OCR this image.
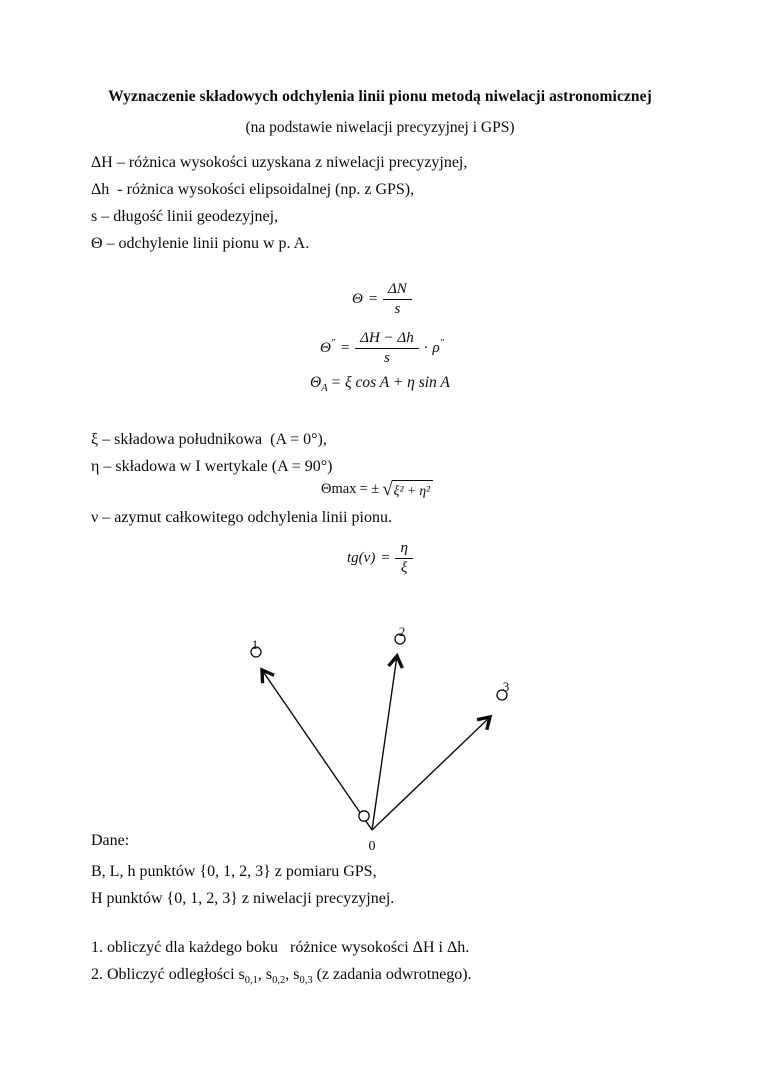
Wyznaczenie składowych odchylenia linii pionu metodą niwelacji astronomicznej
(na podstawie niwelacji precyzyjnej i GPS)
ΔH – różnica wysokości uzyskana z niwelacji precyzyjnej,
Δh  - różnica wysokości elipsoidalnej (np. z GPS),
s – długość linii geodezyjnej,
Θ – odchylenie linii pionu w p. A.
$\Theta = \frac{\Delta N}{s}$
$\Theta'' = \frac{\Delta H - \Delta h}{s} \cdot \rho''$
$\Theta_A = \xi$ cos A + η sin A
ξ – składowa południkowa  (A = 0°),
η – składowa w I wertykale (A = 90°)
Θmax = ± √ ξ² + η²
ν – azymut całkowitego odchylenia linii pionu.
$tg(\nu) = \frac{\eta}{\xi}$
1
2
3
0
Dane:
B, L, h punktów {0, 1, 2, 3} z pomiaru GPS,
H punktów {0, 1, 2, 3} z niwelacji precyzyjnej.
1. obliczyć dla każdego boku   różnice wysokości ΔH i Δh.
2. Obliczyć odległości $s_{0,1}$, $s_{0,2}$, $s_{0,3}$ (z zadania odwrotnego).
